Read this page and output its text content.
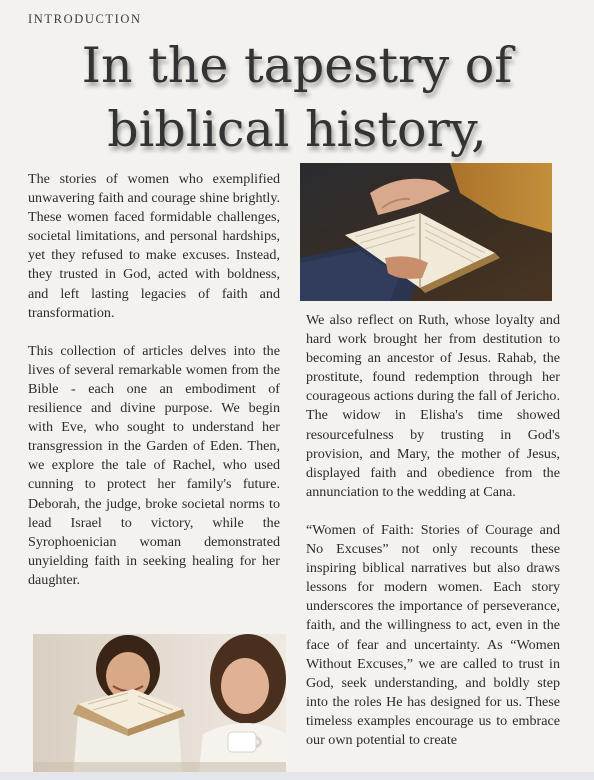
INTRODUCTION
In the tapestry of biblical history,

The stories of women who exemplified unwavering faith and courage shine brightly. These women faced formidable challenges, societal limitations, and personal hardships, yet they refused to make excuses. Instead, they trusted in God, acted with boldness, and left lasting legacies of faith and transformation.

This collection of articles delves into the lives of several remarkable women from the Bible - each one an embodiment of resilience and divine purpose. We begin with Eve, who sought to understand her transgression in the Garden of Eden. Then, we explore the tale of Rachel, who used cunning to protect her family's future. Deborah, the judge, broke societal norms to lead Israel to victory, while the Syrophoenician woman demonstrated unyielding faith in seeking healing for her daughter.

We also reflect on Ruth, whose loyalty and hard work brought her from destitution to becoming an ancestor of Jesus. Rahab, the prostitute, found redemption through her courageous actions during the fall of Jericho. The widow in Elisha's time showed resourcefulness by trusting in God's provision, and Mary, the mother of Jesus, displayed faith and obedience from the annunciation to the wedding at Cana.

“Women of Faith: Stories of Courage and No Excuses” not only recounts these inspiring biblical narratives but also draws lessons for modern women. Each story underscores the importance of perseverance, faith, and the willingness to act, even in the face of fear and uncertainty. As “Women Without Excuses,” we are called to trust in God, seek understanding, and boldly step into the roles He has designed for us. These timeless examples encourage us to embrace our own potential to create
